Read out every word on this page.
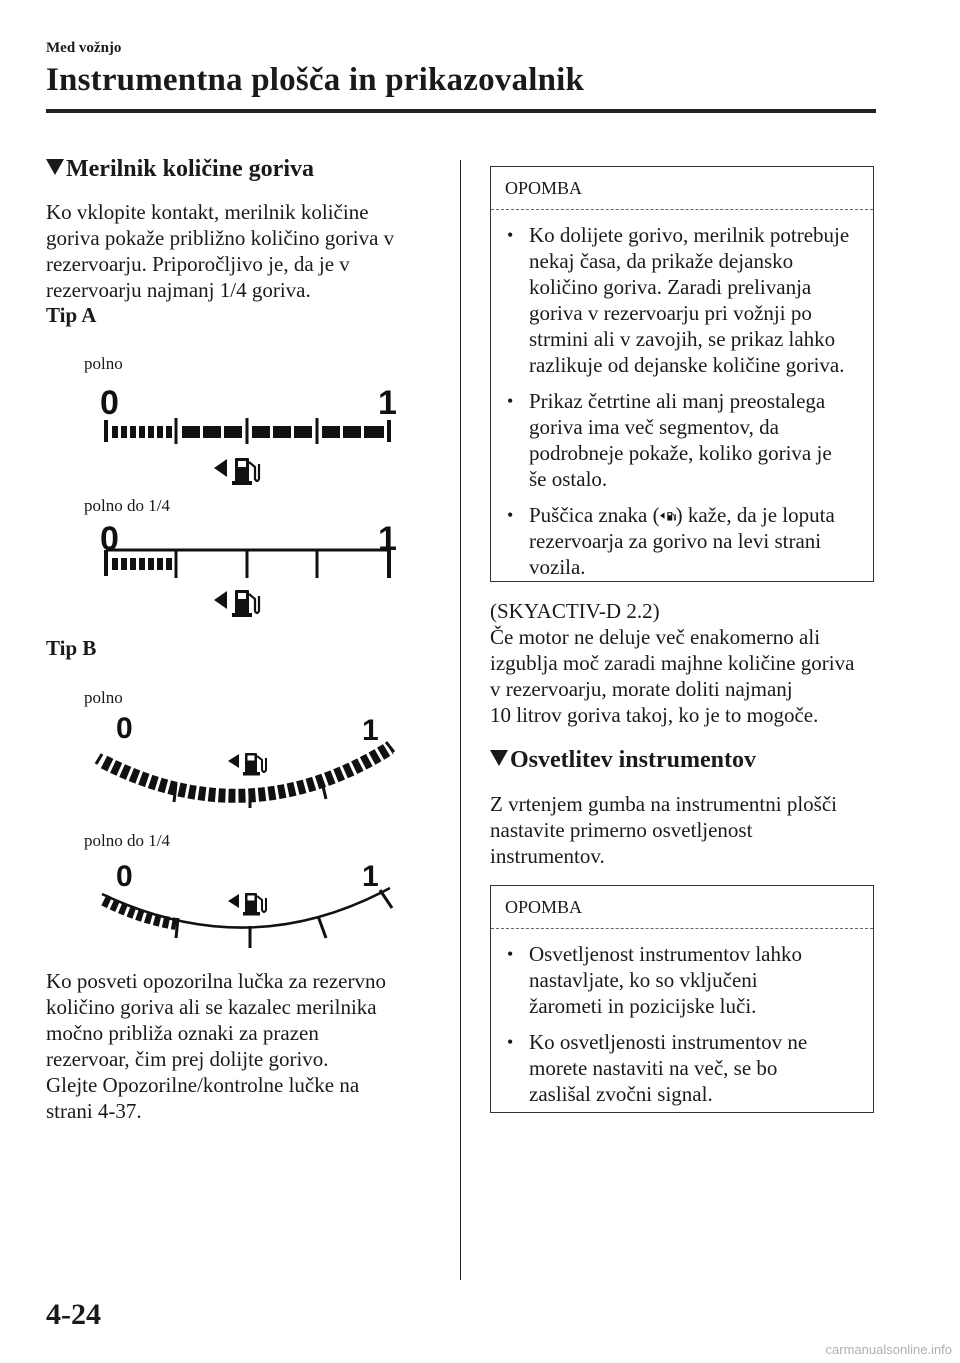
Med vožnjo
Instrumentna plošča in prikazovalnik
Merilnik količine goriva
Ko vklopite kontakt, merilnik količine
goriva pokaže približno količino goriva v
rezervoarju. Priporočljivo je, da je v
rezervoarju najmanj 1/4 goriva.
Tip A
polno
0	1
polno do 1/4
0	1
Tip B
polno
0	1
polno do 1/4
0	1
Ko posveti opozorilna lučka za rezervno
količino goriva ali se kazalec merilnika
močno približa oznaki za prazen
rezervoar, čim prej dolijte gorivo.
Glejte Opozorilne/kontrolne lučke na
strani 4-37.
OPOMBA
• Ko dolijete gorivo, merilnik potrebuje
nekaj časa, da prikaže dejansko
količino goriva. Zaradi prelivanja
goriva v rezervoarju pri vožnji po
strmini ali v zavojih, se prikaz lahko
razlikuje od dejanske količine goriva.
• Prikaz četrtine ali manj preostalega
goriva ima več segmentov, da
podrobneje pokaže, koliko goriva je
še ostalo.
• Puščica znaka ( ) kaže, da je loputa
rezervoarja za gorivo na levi strani
vozila.
(SKYACTIV-D 2.2)
Če motor ne deluje več enakomerno ali
izgublja moč zaradi majhne količine goriva
v rezervoarju, morate doliti najmanj
10 litrov goriva takoj, ko je to mogoče.
Osvetlitev instrumentov
Z vrtenjem gumba na instrumentni plošči
nastavite primerno osvetljenost
instrumentov.
OPOMBA
• Osvetljenost instrumentov lahko
nastavljate, ko so vključeni
žarometi in pozicijske luči.
• Ko osvetljenosti instrumentov ne
morete nastaviti na več, se bo
zaslišal zvočni signal.
4-24
carmanualsonline.info
